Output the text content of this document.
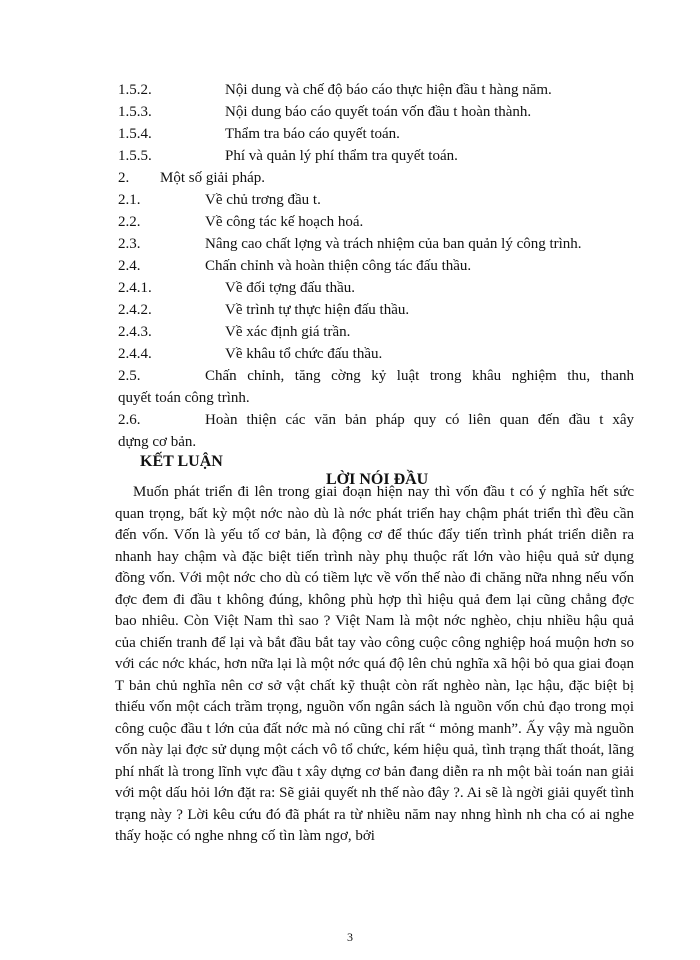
1.5.2.	Nội dung và chế độ báo cáo thực hiện đầu t hàng năm.
1.5.3.	Nội dung báo cáo quyết toán vốn đầu t hoàn thành.
1.5.4.	Thẩm tra báo cáo quyết toán.
1.5.5.	Phí và quản lý phí thẩm tra quyết toán.
2. Một số giải pháp.
2.1.	Về chủ trơng đầu t.
2.2.	Về công tác kế hoạch hoá.
2.3.	Nâng cao chất lợng và trách nhiệm của ban quản lý công trình.
2.4.	Chấn chỉnh và hoàn thiện công tác đấu thầu.
2.4.1.	Về đối tợng đấu thầu.
2.4.2.	Về trình tự thực hiện đấu thầu.
2.4.3.	Về xác định giá trần.
2.4.4.	Về khâu tổ chức đấu thầu.
2.5.	Chấn chỉnh, tăng cờng kỷ luật trong khâu nghiệm thu, thanh
quyết toán công trình.
2.6.	Hoàn thiện các văn bản pháp quy có liên quan đến đầu t xây
dựng cơ bản.
KẾT LUẬN
LỜI NÓI ĐẦU
Muốn phát triển đi lên trong giai đoạn hiện nay thì vốn đầu t có ý nghĩa hết sức quan trọng, bất kỳ một nớc nào dù là nớc phát triển hay chậm phát triển thì đều cần đến vốn. Vốn là yếu tố cơ bản, là động cơ để thúc đẩy tiến trình phát triển diễn ra nhanh hay chậm và đặc biệt tiến trình này phụ thuộc rất lớn vào hiệu quả sử dụng đồng vốn. Với một nớc cho dù có tiềm lực về vốn thế nào đi chăng nữa nhng nếu vốn đợc đem đi đầu t không đúng, không phù hợp thì hiệu quả đem lại cũng chẳng đợc bao nhiêu. Còn Việt Nam thì sao ? Việt Nam là một nớc nghèo, chịu nhiều hậu quả của chiến tranh để lại và bắt đầu bắt tay vào công cuộc công nghiệp hoá muộn hơn so với các nớc khác, hơn nữa lại là một nớc quá độ lên chủ nghĩa xã hội bỏ qua giai đoạn T bản chủ nghĩa nên cơ sở vật chất kỹ thuật còn rất nghèo nàn, lạc hậu, đặc biệt bị thiếu vốn một cách trầm trọng, nguồn vốn ngân sách là nguồn vốn chủ đạo trong mọi công cuộc đầu t lớn của đất nớc mà nó cũng chỉ rất “ mỏng manh”. Ấy vậy mà nguồn vốn này lại đợc sử dụng một cách vô tổ chức, kém hiệu quả, tình trạng thất thoát, lãng phí nhất là trong lĩnh vực đầu t xây dựng cơ bản đang diễn ra nh một bài toán nan giải với một dấu hỏi lớn đặt ra: Sẽ giải quyết nh thế nào đây ?. Ai sẽ là ngời giải quyết tình trạng này ? Lời kêu cứu đó đã phát ra từ nhiều năm nay nhng hình nh cha có ai nghe thấy hoặc có nghe nhng cố tìn làm ngơ, bởi
3
